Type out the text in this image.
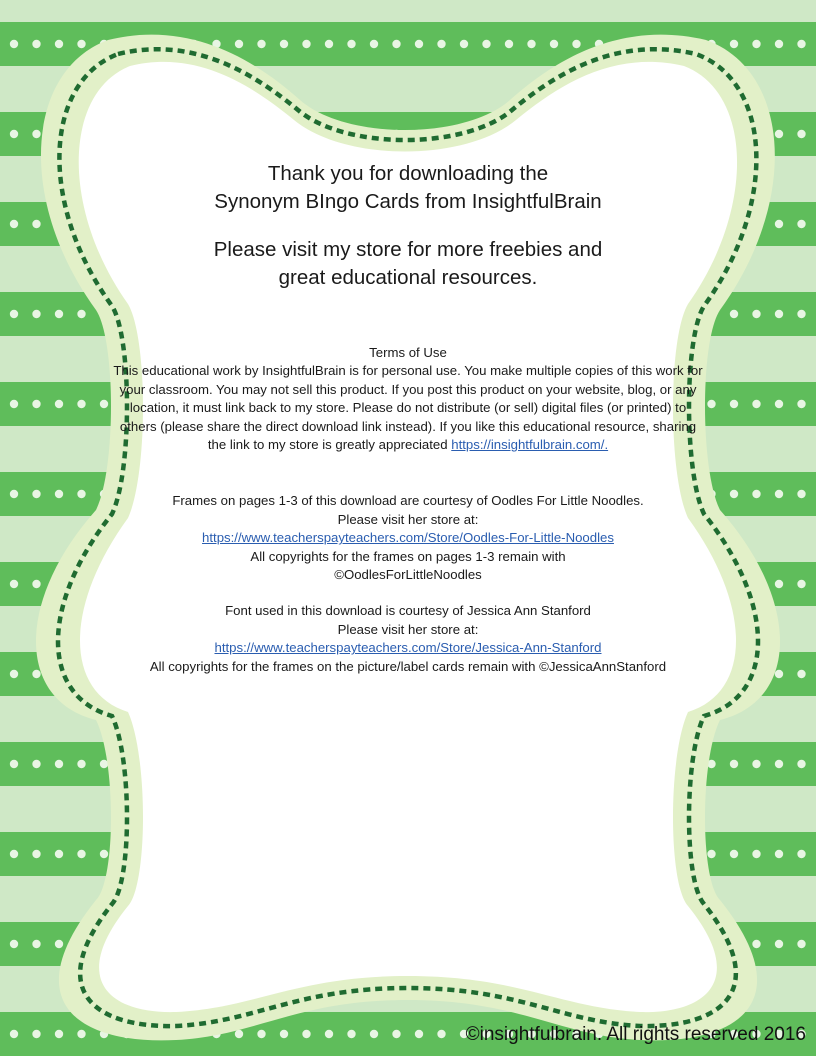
Thank you for downloading the

Synonym BIngo Cards from InsightfulBrain

Please visit my store for more freebies and

great educational resources.

Terms of Use

This educational work by InsightfulBrain is for personal use. You make multiple copies of this work for your classroom. You may not sell this product. If you post this product on your website, blog, or any location, it must link back to my store. Please do not distribute (or sell) digital files (or printed) to others (please share the direct download link instead). If you like this educational resource, sharing the link to my store is greatly appreciated https://insightfulbrain.com/.

Frames on pages 1-3 of this download are courtesy of Oodles For Little Noodles.

Please visit her store at:

https://www.teacherspayteachers.com/Store/Oodles-For-Little-Noodles

All copyrights for the frames on pages 1-3 remain with

©OodlesForLittleNoodles

Font used in this download is courtesy of Jessica Ann Stanford

Please visit her store at:

https://www.teacherspayteachers.com/Store/Jessica-Ann-Stanford

All copyrights for the frames on the picture/label cards remain with ©JessicaAnnStanford

©insightfulbrain. All rights reserved 2016
